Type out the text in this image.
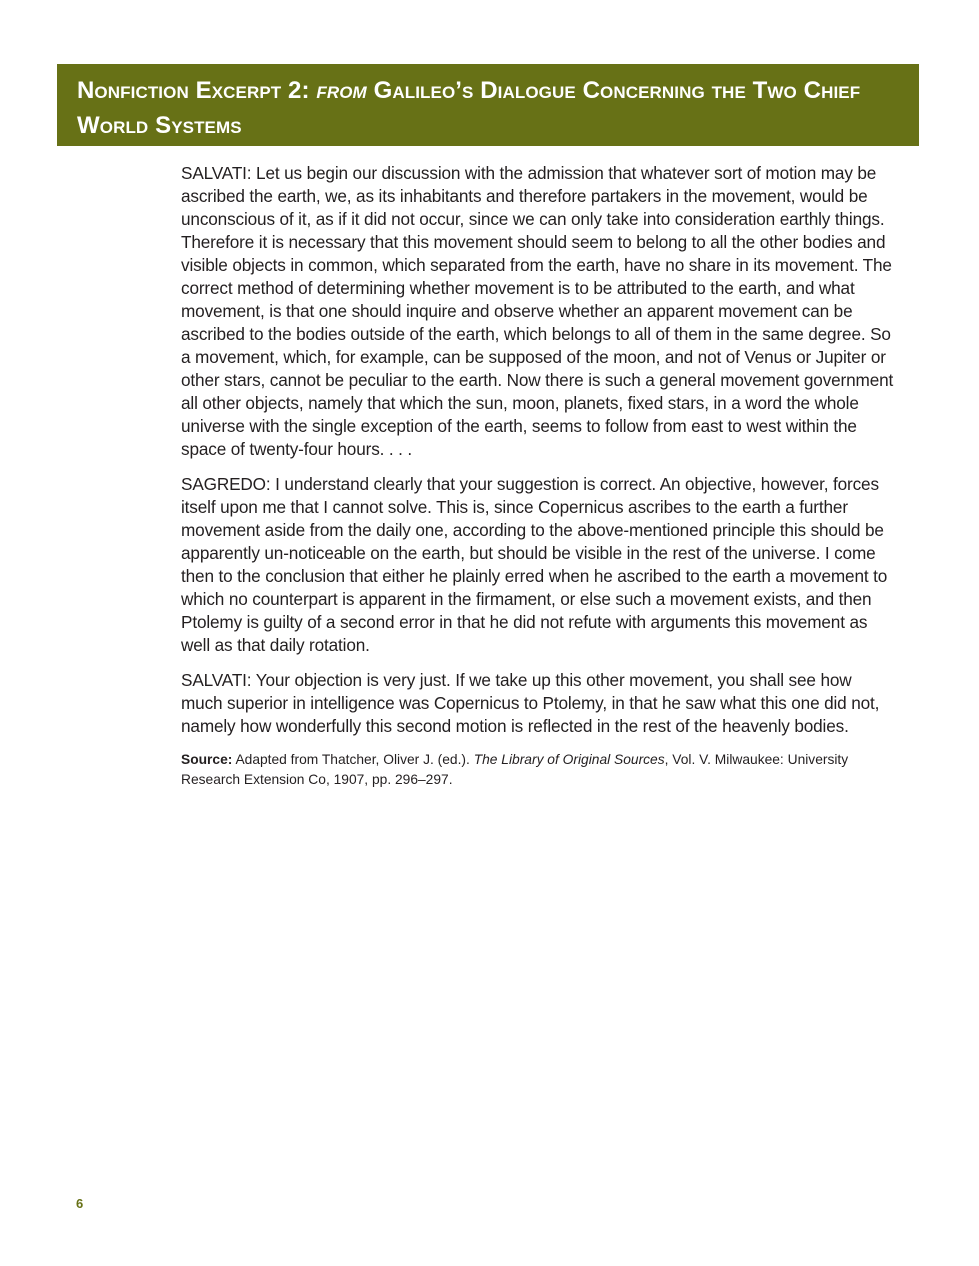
Nonfiction Excerpt 2: from Galileo’s Dialogue Concerning the Two Chief World Systems

SALVATI: Let us begin our discussion with the admission that whatever sort of motion may be ascribed the earth, we, as its inhabitants and therefore partakers in the movement, would be unconscious of it, as if it did not occur, since we can only take into consideration earthly things. Therefore it is necessary that this movement should seem to belong to all the other bodies and visible objects in common, which separated from the earth, have no share in its movement. The correct method of determining whether movement is to be attributed to the earth, and what movement, is that one should inquire and observe whether an apparent movement can be ascribed to the bodies outside of the earth, which belongs to all of them in the same degree. So a movement, which, for example, can be supposed of the moon, and not of Venus or Jupiter or other stars, cannot be peculiar to the earth. Now there is such a general movement government all other objects, namely that which the sun, moon, planets, fixed stars, in a word the whole universe with the single exception of the earth, seems to follow from east to west within the space of twenty-four hours. . . .

SAGREDO: I understand clearly that your suggestion is correct. An objective, however, forces itself upon me that I cannot solve. This is, since Copernicus ascribes to the earth a further movement aside from the daily one, according to the above-mentioned principle this should be apparently un-noticeable on the earth, but should be visible in the rest of the universe. I come then to the conclusion that either he plainly erred when he ascribed to the earth a movement to which no counterpart is apparent in the firmament, or else such a movement exists, and then Ptolemy is guilty of a second error in that he did not refute with arguments this movement as well as that daily rotation.

SALVATI: Your objection is very just. If we take up this other movement, you shall see how much superior in intelligence was Copernicus to Ptolemy, in that he saw what this one did not, namely how wonderfully this second motion is reflected in the rest of the heavenly bodies.

Source: Adapted from Thatcher, Oliver J. (ed.). The Library of Original Sources, Vol. V. Milwaukee: University Research Extension Co, 1907, pp. 296–297.

6
